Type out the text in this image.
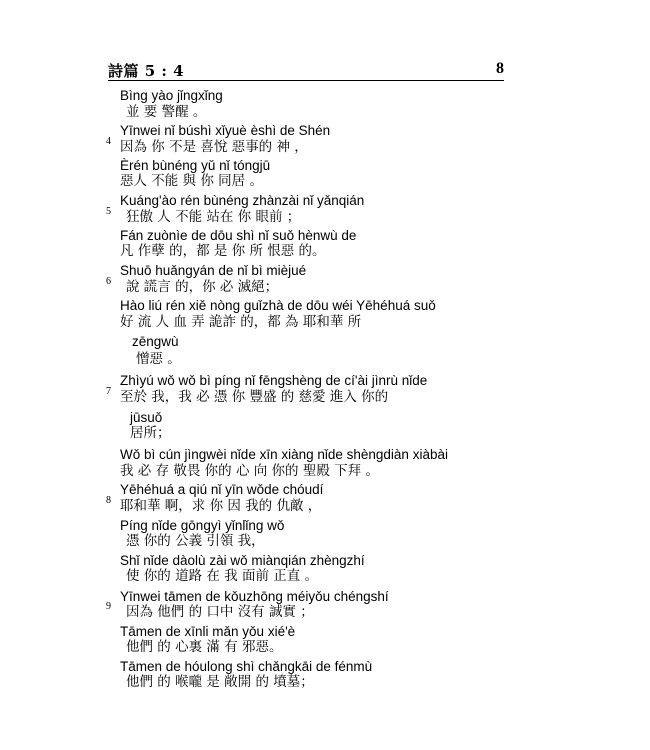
詩篇 5 : 4	8
Bìng yào jǐngxǐng
並 要 警醒 。
Yīnwei nǐ búshì xǐyuè èshì de Shén
4 因為 你 不是 喜悅 惡事的 神 ，
Èrén bùnéng yǔ nǐ tóngjū
惡人 不能 與 你 同居 。
Kuáng'ào rén bùnéng zhànzài nǐ yǎnqián
5 狂傲 人 不能 站在 你 眼前 ；
Fán zuònìe de dōu shì nǐ suǒ hènwù de
凡 作孽 的，都 是 你 所 恨惡 的。
Shuō huǎngyán de nǐ bì mièjué
6 說 謊言 的，你 必 滅絕；
Hào liú rén xiě nòng guǐzhà de dōu wéi Yēhéhuá suǒ
好 流 人 血 弄 詭詐 的，都 為 耶和華 所
zēngwù
憎惡 。
Zhìyú wǒ wǒ bì píng nǐ fēngshèng de cí'ài jìnrù nǐde
7 至於 我，我 必 憑 你 豐盛 的 慈愛 進入 你的
jūsuǒ
居所；
Wǒ bì cún jìngwèi nǐde xīn xiàng nǐde shèngdiàn xiàbài
我 必 存 敬畏 你的 心 向 你的 聖殿 下拜 。
Yēhéhuá a qiú nǐ yīn wǒde chóudí
8 耶和華 啊，求 你 因 我的 仇敵 ，
Píng nǐde gōngyì yǐnlǐng wǒ
憑 你的 公義 引領 我，
Shǐ nǐde dàolù zài wǒ miànqián zhèngzhí
使 你的 道路 在 我 面前 正直 。
Yīnwei tāmen de kǒuzhōng méiyǒu chéngshí
9 因為 他們 的 口中 沒有 誠實 ；
Tāmen de xīnli mǎn yǒu xié'è
他們 的 心裏 滿 有 邪惡。
Tāmen de hóulong shì chǎngkāi de fénmù
他們 的 喉嚨 是 敞開 的 墳墓；
